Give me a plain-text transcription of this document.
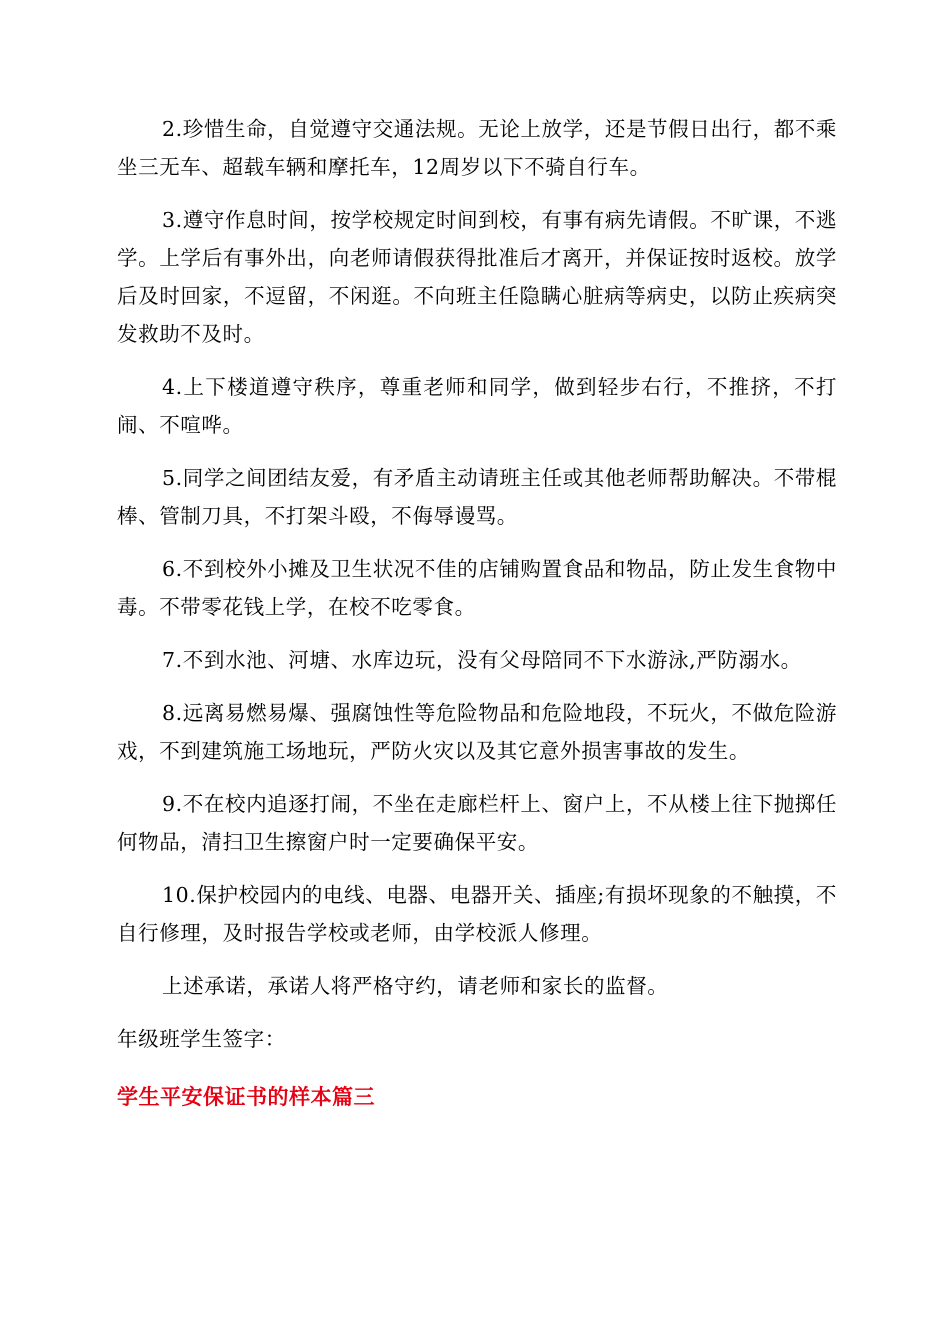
2.珍惜生命，自觉遵守交通法规。无论上放学，还是节假日出行，都不乘坐三无车、超载车辆和摩托车，12周岁以下不骑自行车。

3.遵守作息时间，按学校规定时间到校，有事有病先请假。不旷课，不逃学。上学后有事外出，向老师请假获得批准后才离开，并保证按时返校。放学后及时回家，不逗留，不闲逛。不向班主任隐瞒心脏病等病史，以防止疾病突发救助不及时。

4.上下楼道遵守秩序，尊重老师和同学，做到轻步右行，不推挤，不打闹、不喧哗。

5.同学之间团结友爱，有矛盾主动请班主任或其他老师帮助解决。不带棍棒、管制刀具，不打架斗殴，不侮辱谩骂。

6.不到校外小摊及卫生状况不佳的店铺购置食品和物品，防止发生食物中毒。不带零花钱上学，在校不吃零食。

7.不到水池、河塘、水库边玩，没有父母陪同不下水游泳,严防溺水。

8.远离易燃易爆、强腐蚀性等危险物品和危险地段，不玩火，不做危险游戏，不到建筑施工场地玩，严防火灾以及其它意外损害事故的发生。

9.不在校内追逐打闹，不坐在走廊栏杆上、窗户上，不从楼上往下抛掷任何物品，清扫卫生擦窗户时一定要确保平安。

10.保护校园内的电线、电器、电器开关、插座;有损坏现象的不触摸，不自行修理，及时报告学校或老师，由学校派人修理。

上述承诺，承诺人将严格守约，请老师和家长的监督。

年级班学生签字：

学生平安保证书的样本篇三
